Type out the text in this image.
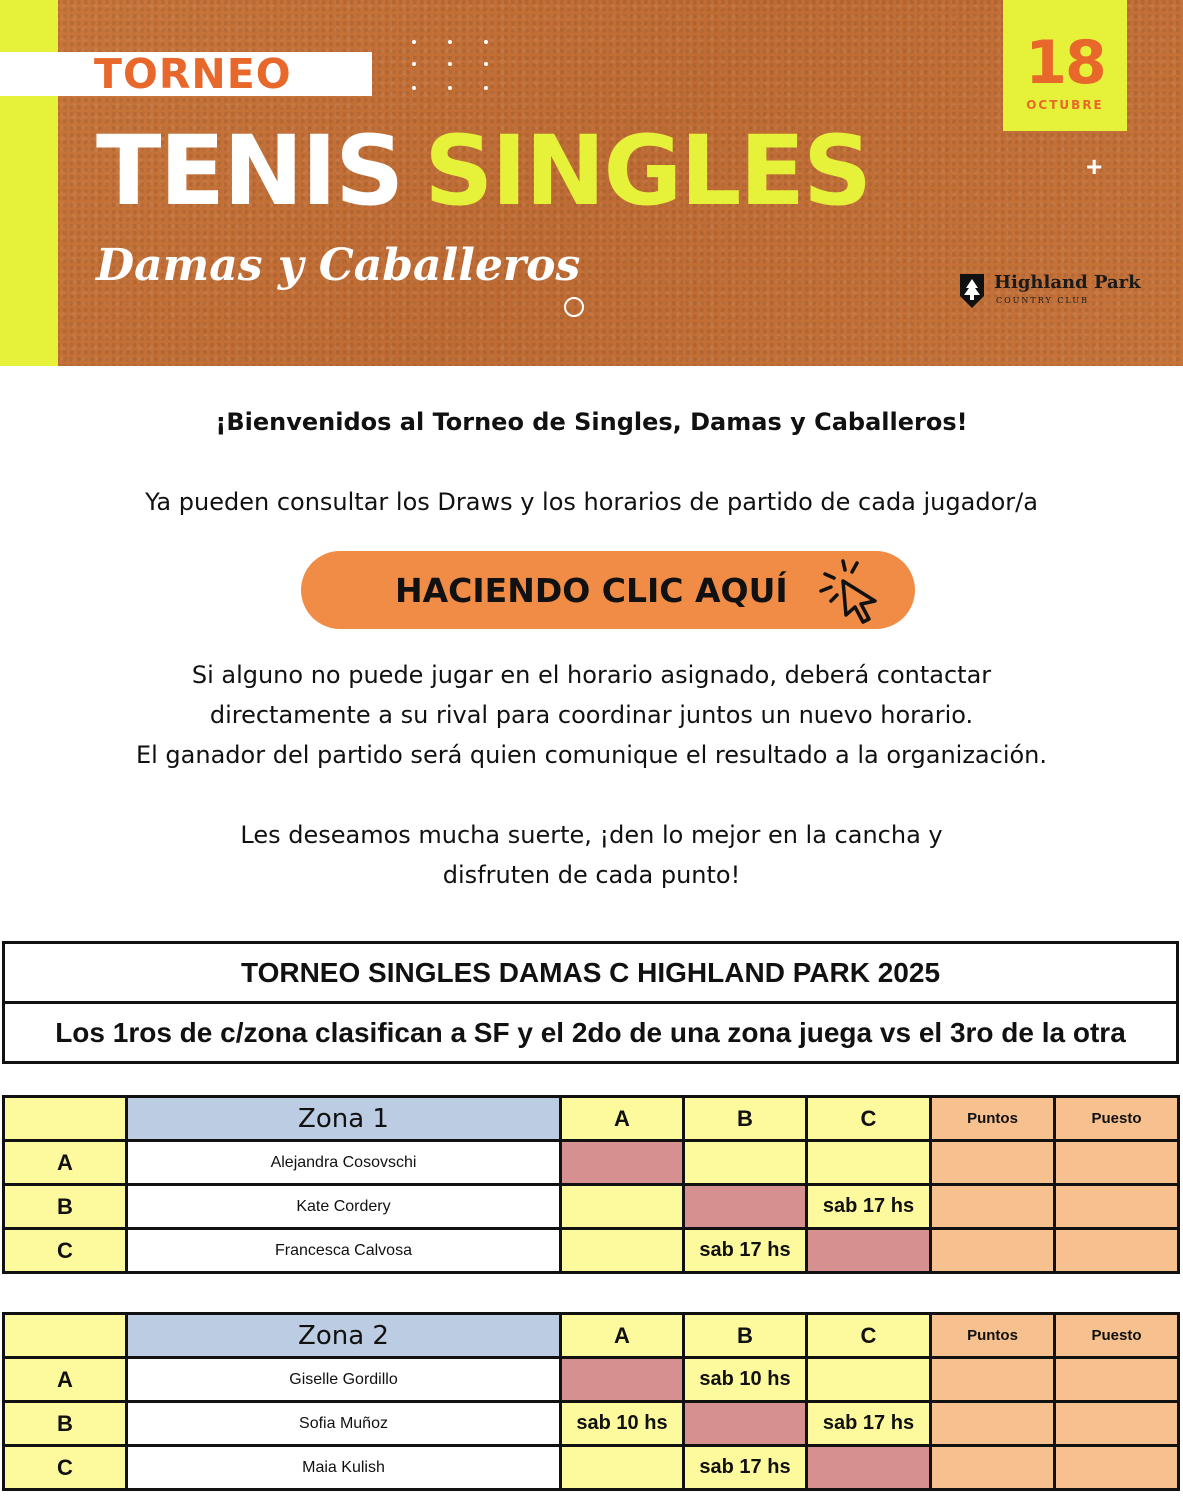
TORNEO
TENIS SINGLES
Damas y Caballeros
+
18
OCTUBRE
Highland Park
COUNTRY CLUB
¡Bienvenidos al Torneo de Singles, Damas y Caballeros!
Ya pueden consultar los Draws y los horarios de partido de cada jugador/a
HACIENDO CLIC AQUÍ
Si alguno no puede jugar en el horario asignado, deberá contactar
directamente a su rival para coordinar juntos un nuevo horario.
El ganador del partido será quien comunique el resultado a la organización.
Les deseamos mucha suerte, ¡den lo mejor en la cancha y
disfruten de cada punto!
TORNEO SINGLES DAMAS C HIGHLAND PARK 2025
Los 1ros de c/zona clasifican a SF y el 2do de una zona juega vs el 3ro de la otra
	Zona 1	A	B	C	Puntos	Puesto
A	Alejandra Cosovschi					
B	Kate Cordery			sab 17 hs		
C	Francesca Calvosa		sab 17 hs			
	Zona 2	A	B	C	Puntos	Puesto
A	Giselle Gordillo		sab 10 hs			
B	Sofia Muñoz	sab 10 hs		sab 17 hs		
C	Maia Kulish		sab 17 hs			
